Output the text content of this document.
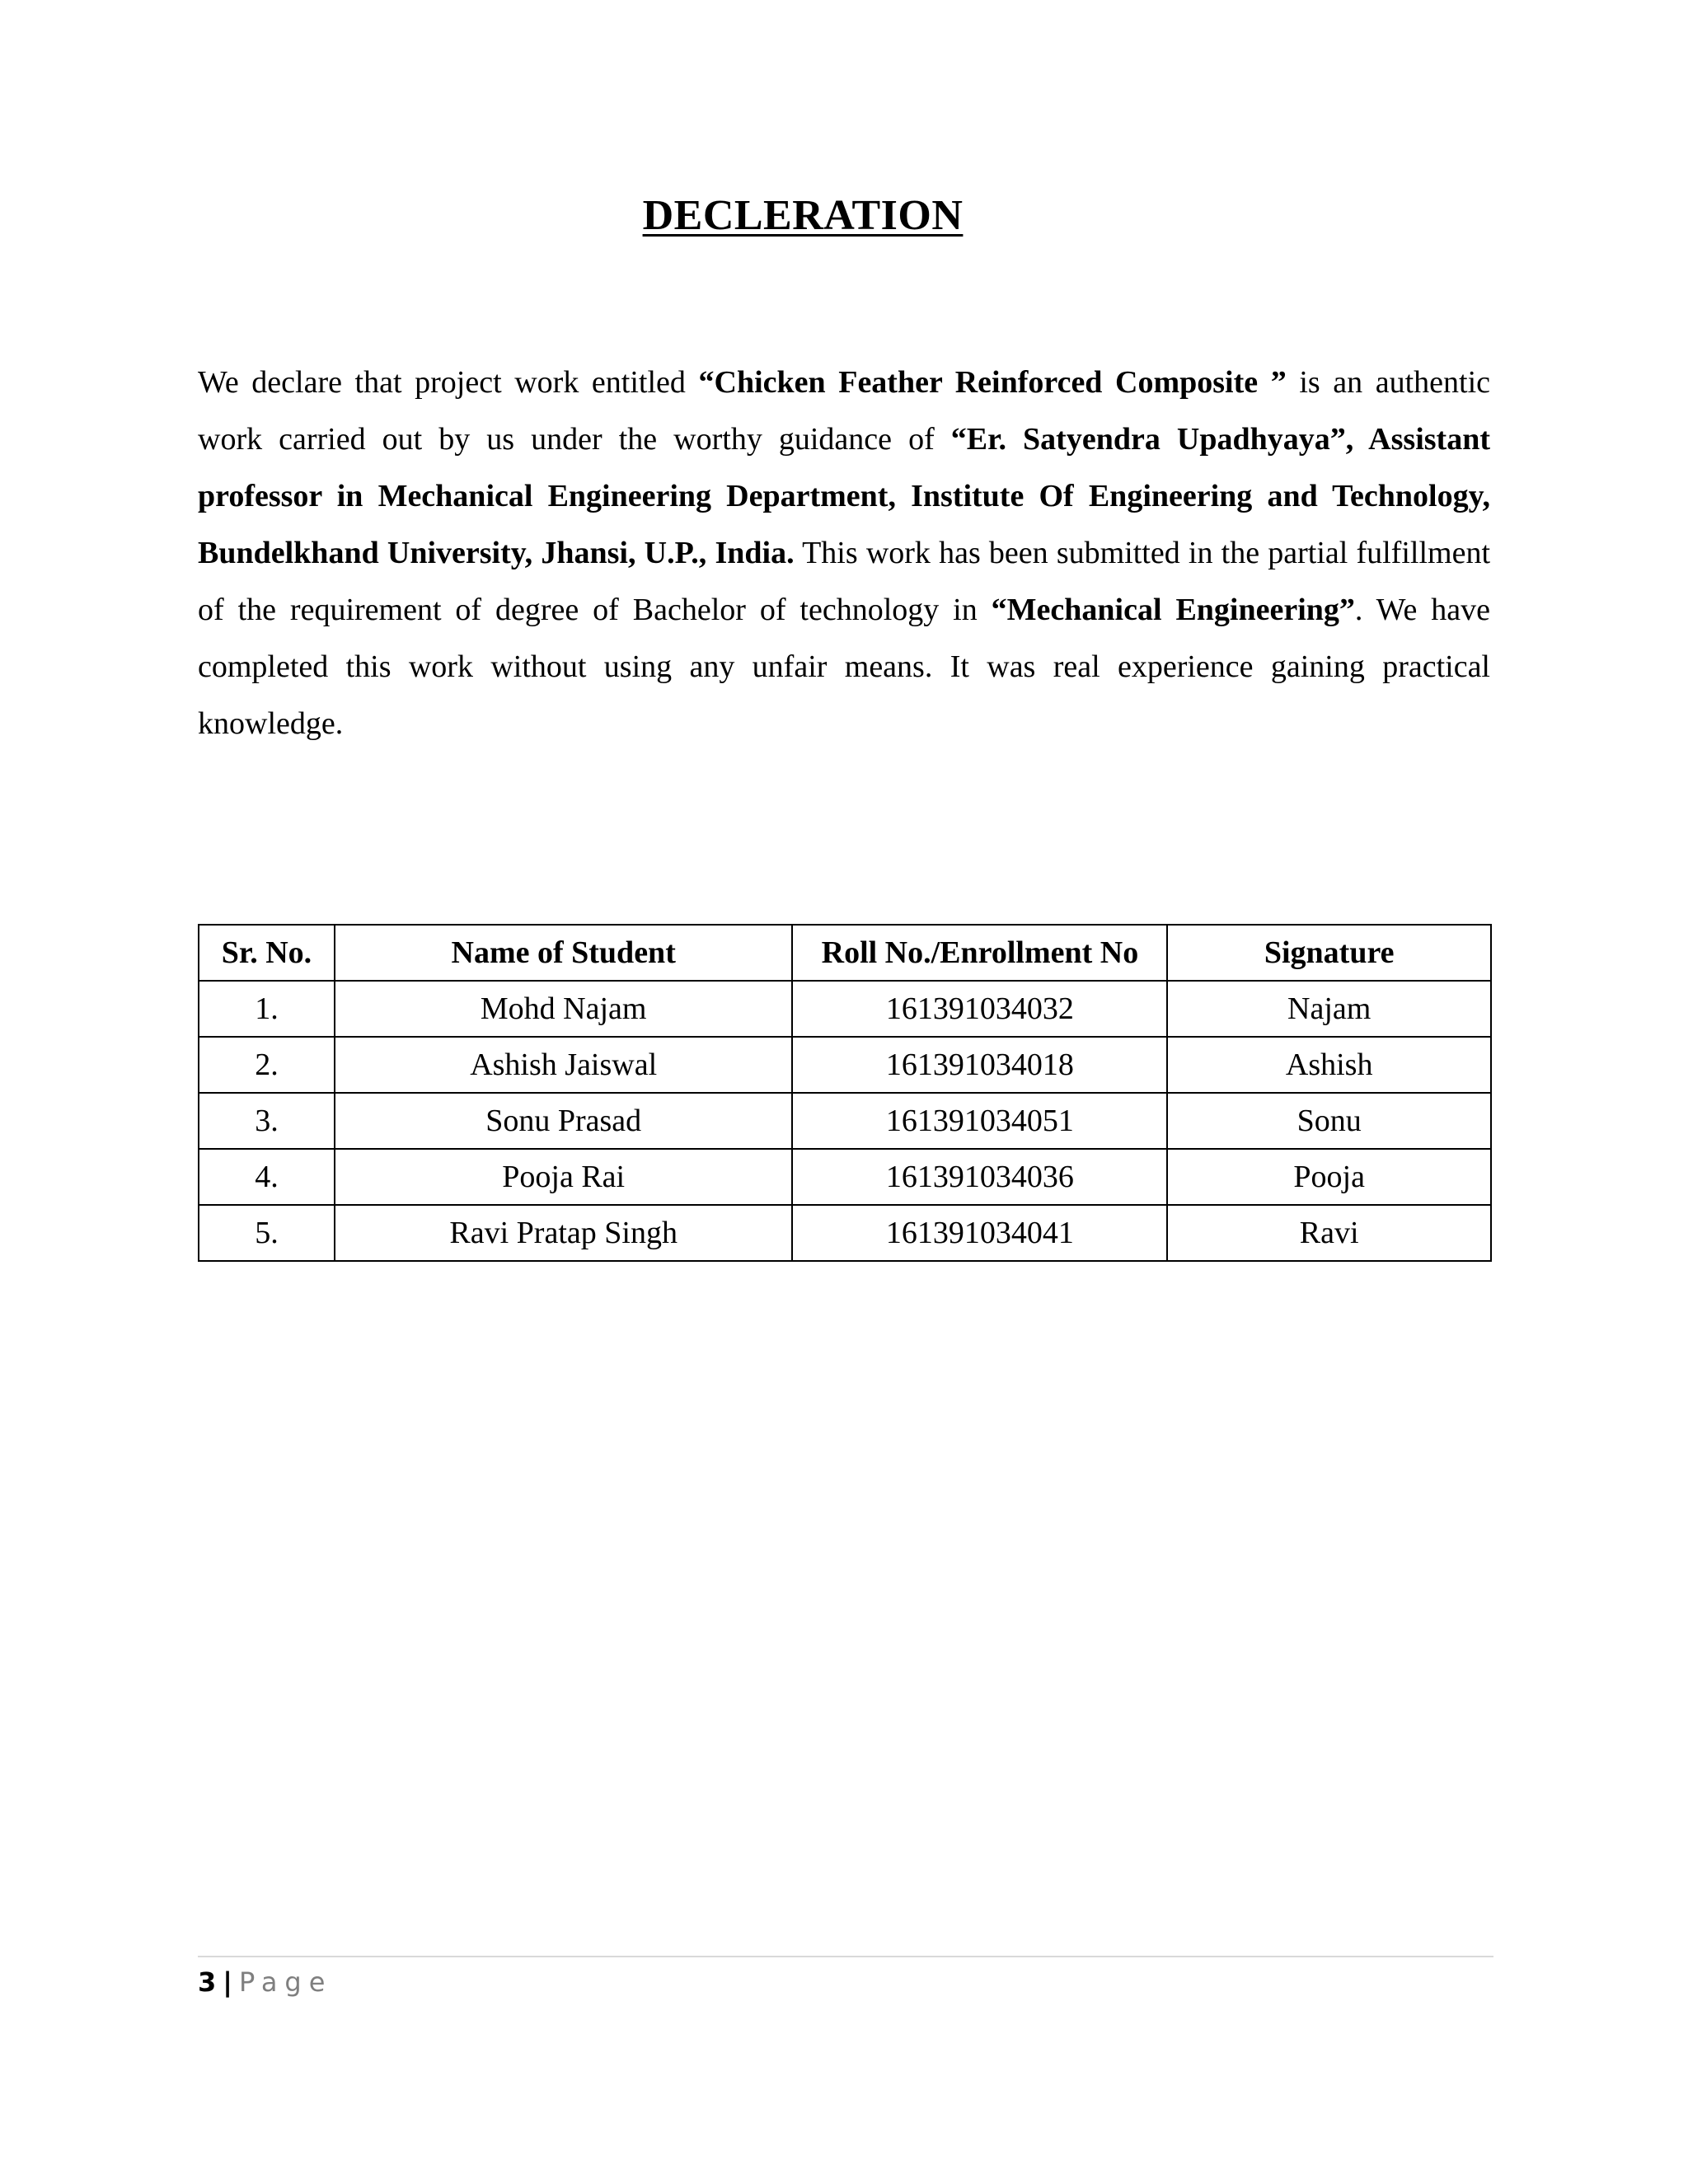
DECLERATION

We declare that project work entitled “Chicken Feather Reinforced Composite ” is an authentic work carried out by us under the worthy guidance of “Er. Satyendra Upadhyaya”, Assistant professor in Mechanical Engineering Department, Institute Of Engineering and Technology, Bundelkhand University, Jhansi, U.P., India. This work has been submitted in the partial fulfillment of the requirement of degree of Bachelor of technology in “Mechanical Engineering”. We have completed this work without using any unfair means. It was real experience gaining practical knowledge.

Sr. No.	Name of Student	Roll No./Enrollment No	Signature
1.	Mohd Najam	161391034032	Najam
2.	Ashish Jaiswal	161391034018	Ashish
3.	Sonu Prasad	161391034051	Sonu
4.	Pooja Rai	161391034036	Pooja
5.	Ravi Pratap Singh	161391034041	Ravi
3 | Page
